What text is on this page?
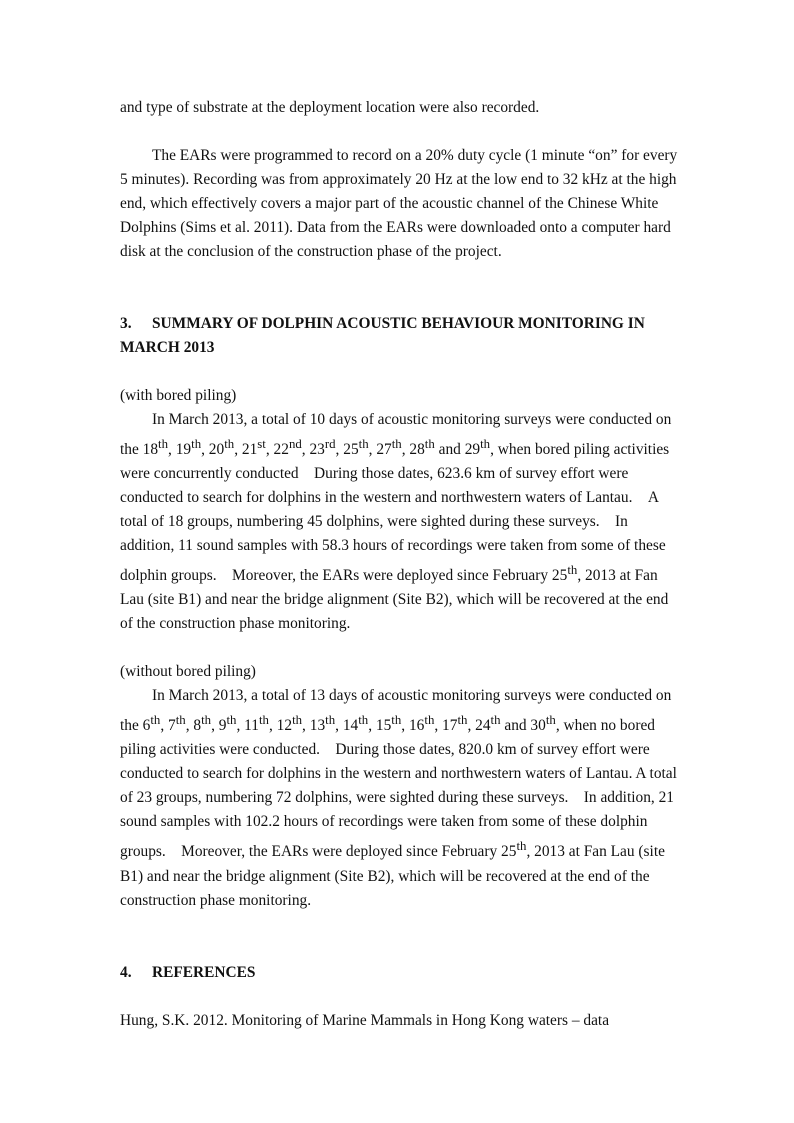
and type of substrate at the deployment location were also recorded.

The EARs were programmed to record on a 20% duty cycle (1 minute “on” for every 5 minutes). Recording was from approximately 20 Hz at the low end to 32 kHz at the high end, which effectively covers a major part of the acoustic channel of the Chinese White Dolphins (Sims et al. 2011). Data from the EARs were downloaded onto a computer hard disk at the conclusion of the construction phase of the project.

3. SUMMARY OF DOLPHIN ACOUSTIC BEHAVIOUR MONITORING IN MARCH 2013
(with bored piling)

In March 2013, a total of 10 days of acoustic monitoring surveys were conducted on the 18th, 19th, 20th, 21st, 22nd, 23rd, 25th, 27th, 28th and 29th, when bored piling activities were concurrently conducted During those dates, 623.6 km of survey effort were conducted to search for dolphins in the western and northwestern waters of Lantau. A total of 18 groups, numbering 45 dolphins, were sighted during these surveys. In addition, 11 sound samples with 58.3 hours of recordings were taken from some of these dolphin groups. Moreover, the EARs were deployed since February 25th, 2013 at Fan Lau (site B1) and near the bridge alignment (Site B2), which will be recovered at the end of the construction phase monitoring.

(without bored piling)

In March 2013, a total of 13 days of acoustic monitoring surveys were conducted on the 6th, 7th, 8th, 9th, 11th, 12th, 13th, 14th, 15th, 16th, 17th, 24th and 30th, when no bored piling activities were conducted. During those dates, 820.0 km of survey effort were conducted to search for dolphins in the western and northwestern waters of Lantau. A total of 23 groups, numbering 72 dolphins, were sighted during these surveys. In addition, 21 sound samples with 102.2 hours of recordings were taken from some of these dolphin groups. Moreover, the EARs were deployed since February 25th, 2013 at Fan Lau (site B1) and near the bridge alignment (Site B2), which will be recovered at the end of the construction phase monitoring.

4. REFERENCES

Hung, S.K. 2012. Monitoring of Marine Mammals in Hong Kong waters – data
